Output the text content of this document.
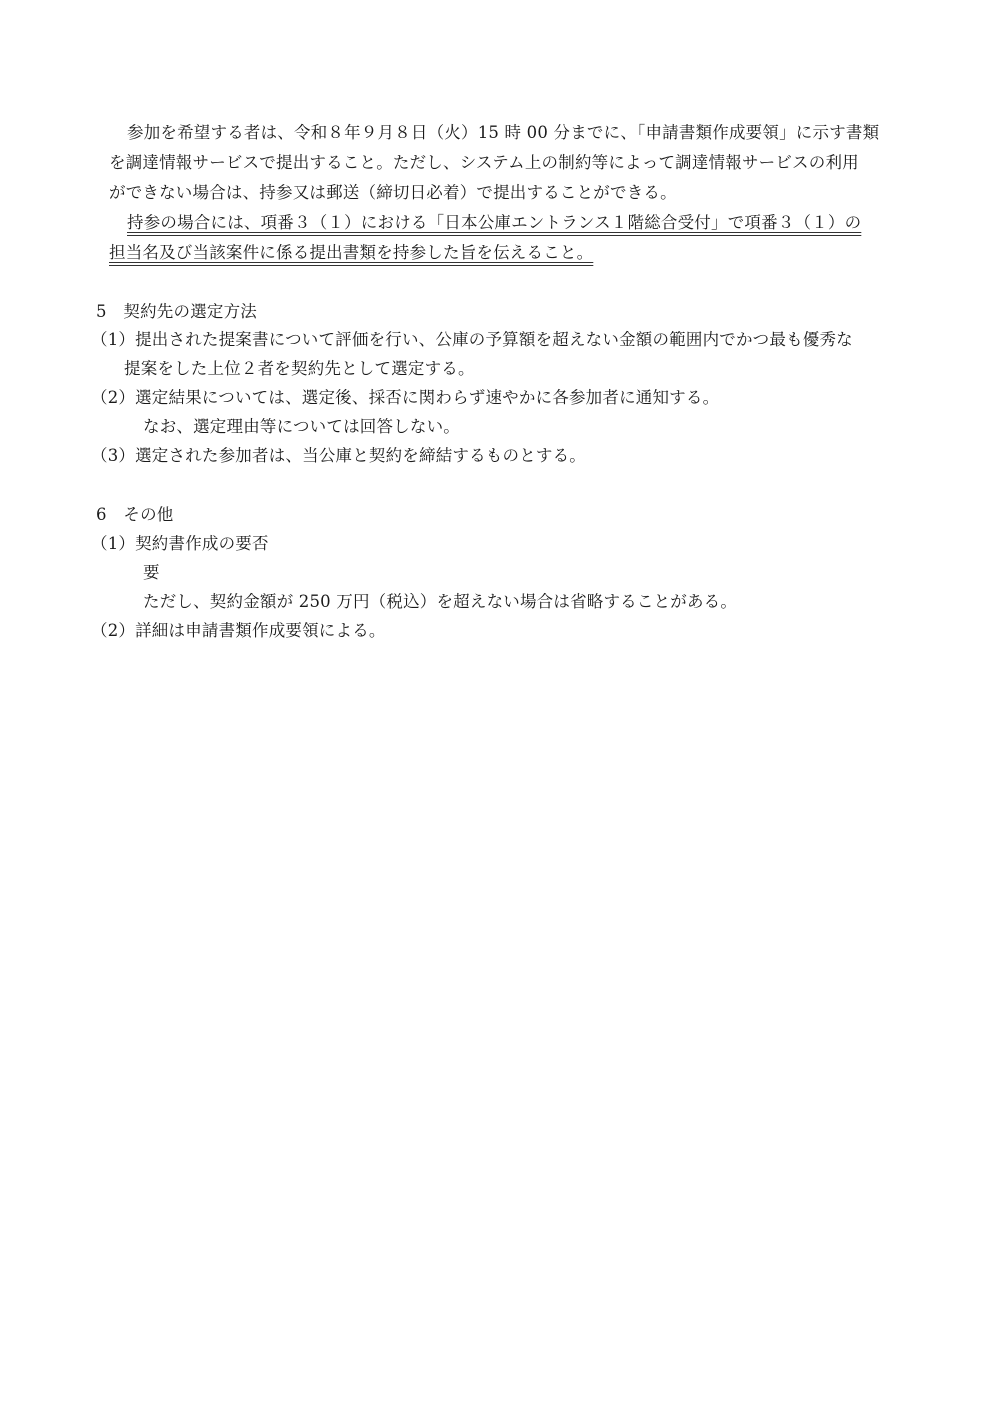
参加を希望する者は、令和８年９月８日（火）15 時 00 分までに、「申請書類作成要領」に示す書類
を調達情報サービスで提出すること。ただし、システム上の制約等によって調達情報サービスの利用
ができない場合は、持参又は郵送（締切日必着）で提出することができる。
持参の場合には、項番３（１）における「日本公庫エントランス１階総合受付」で項番３（１）の
担当名及び当該案件に係る提出書類を持参した旨を伝えること。
5　契約先の選定方法
（1）提出された提案書について評価を行い、公庫の予算額を超えない金額の範囲内でかつ最も優秀な
提案をした上位２者を契約先として選定する。
（2）選定結果については、選定後、採否に関わらず速やかに各参加者に通知する。
なお、選定理由等については回答しない。
（3）選定された参加者は、当公庫と契約を締結するものとする。
6　その他
（1）契約書作成の要否
要
ただし、契約金額が 250 万円（税込）を超えない場合は省略することがある。
（2）詳細は申請書類作成要領による。
